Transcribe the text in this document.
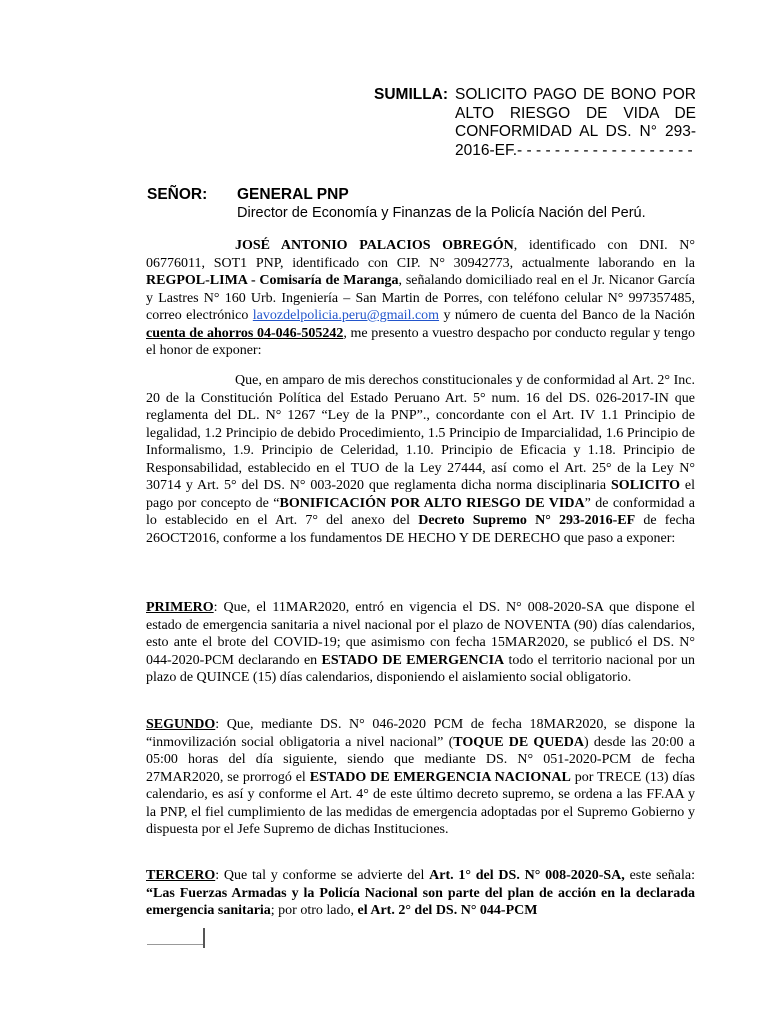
SUMILLA: SOLICITO PAGO DE BONO POR ALTO RIESGO DE VIDA DE CONFORMIDAD AL DS. N° 293-2016-EF.- - - - - - - - - - - - - - - - - - -
SEÑOR: GENERAL PNP
Director de Economía y Finanzas de la Policía Nación del Perú.
JOSÉ ANTONIO PALACIOS OBREGÓN, identificado con DNI. N° 06776011, SOT1 PNP, identificado con CIP. N° 30942773, actualmente laborando en la REGPOL-LIMA - Comisaría de Maranga, señalando domiciliado real en el Jr. Nicanor García y Lastres N° 160 Urb. Ingeniería – San Martin de Porres, con teléfono celular N° 997357485, correo electrónico lavozdelpolicia.peru@gmail.com y número de cuenta del Banco de la Nación cuenta de ahorros 04-046-505242, me presento a vuestro despacho por conducto regular y tengo el honor de exponer:
Que, en amparo de mis derechos constitucionales y de conformidad al Art. 2° Inc. 20 de la Constitución Política del Estado Peruano Art. 5° num. 16 del DS. 026-2017-IN que reglamenta del DL. N° 1267 “Ley de la PNP”., concordante con el Art. IV 1.1 Principio de legalidad, 1.2 Principio de debido Procedimiento, 1.5 Principio de Imparcialidad, 1.6 Principio de Informalismo, 1.9. Principio de Celeridad, 1.10. Principio de Eficacia y 1.18. Principio de Responsabilidad, establecido en el TUO de la Ley 27444, así como el Art. 25° de la Ley N° 30714 y Art. 5° del DS. N° 003-2020 que reglamenta dicha norma disciplinaria SOLICITO el pago por concepto de “BONIFICACIÓN POR ALTO RIESGO DE VIDA” de conformidad a lo establecido en el Art. 7° del anexo del Decreto Supremo N° 293-2016-EF de fecha 26OCT2016, conforme a los fundamentos DE HECHO Y DE DERECHO que paso a exponer:
PRIMERO: Que, el 11MAR2020, entró en vigencia el DS. N° 008-2020-SA que dispone el estado de emergencia sanitaria a nivel nacional por el plazo de NOVENTA (90) días calendarios, esto ante el brote del COVID-19; que asimismo con fecha 15MAR2020, se publicó el DS. N° 044-2020-PCM declarando en ESTADO DE EMERGENCIA todo el territorio nacional por un plazo de QUINCE (15) días calendarios, disponiendo el aislamiento social obligatorio.
SEGUNDO: Que, mediante DS. N° 046-2020 PCM de fecha 18MAR2020, se dispone la “inmovilización social obligatoria a nivel nacional” (TOQUE DE QUEDA) desde las 20:00 a 05:00 horas del día siguiente, siendo que mediante DS. N° 051-2020-PCM de fecha 27MAR2020, se prorrogó el ESTADO DE EMERGENCIA NACIONAL por TRECE (13) días calendario, es así y conforme el Art. 4° de este último decreto supremo, se ordena a las FF.AA y la PNP, el fiel cumplimiento de las medidas de emergencia adoptadas por el Supremo Gobierno y dispuesta por el Jefe Supremo de dichas Instituciones.
TERCERO: Que tal y conforme se advierte del Art. 1° del DS. N° 008-2020-SA, este señala: “Las Fuerzas Armadas y la Policía Nacional son parte del plan de acción en la declarada emergencia sanitaria; por otro lado, el Art. 2° del DS. N° 044-PCM
